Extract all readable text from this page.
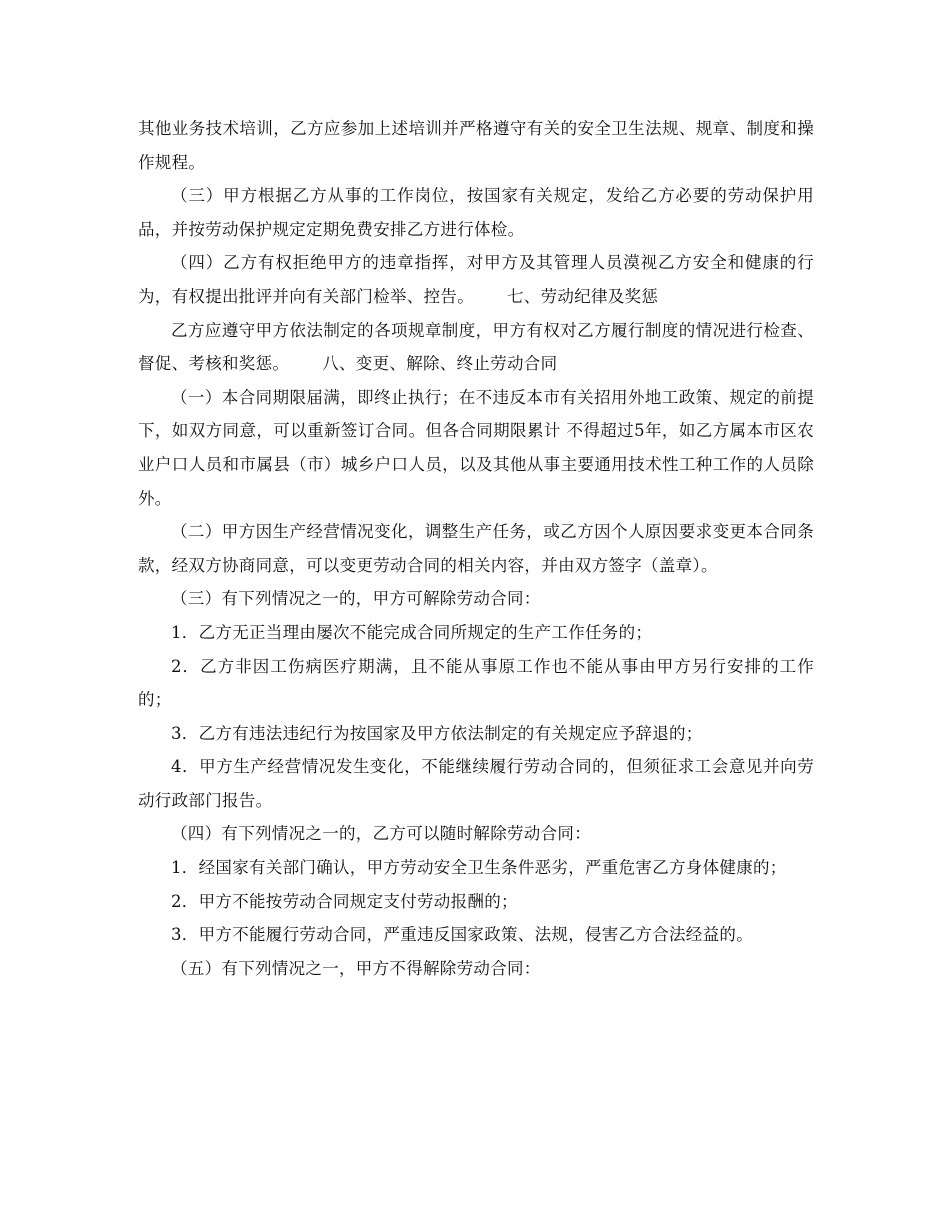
其他业务技术培训，乙方应参加上述培训并严格遵守有关的安全卫生法规、规章、制度和操作规程。

（三）甲方根据乙方从事的工作岗位，按国家有关规定，发给乙方必要的劳动保护用品，并按劳动保护规定定期免费安排乙方进行体检。

（四）乙方有权拒绝甲方的违章指挥，对甲方及其管理人员漠视乙方安全和健康的行为，有权提出批评并向有关部门检举、控告。 七、劳动纪律及奖惩

乙方应遵守甲方依法制定的各项规章制度，甲方有权对乙方履行制度的情况进行检查、督促、考核和奖惩。 八、变更、解除、终止劳动合同

（一）本合同期限届满，即终止执行；在不违反本市有关招用外地工政策、规定的前提下，如双方同意，可以重新签订合同。但各合同期限累计 不得超过5年，如乙方属本市区农业户口人员和市属县（市）城乡户口人员，以及其他从事主要通用技术性工种工作的人员除外。

（二）甲方因生产经营情况变化，调整生产任务，或乙方因个人原因要求变更本合同条款，经双方协商同意，可以变更劳动合同的相关内容，并由双方签字（盖章）。

（三）有下列情况之一的，甲方可解除劳动合同：

1．乙方无正当理由屡次不能完成合同所规定的生产工作任务的；

2．乙方非因工伤病医疗期满，且不能从事原工作也不能从事由甲方另行安排的工作的；

3．乙方有违法违纪行为按国家及甲方依法制定的有关规定应予辞退的；

4．甲方生产经营情况发生变化，不能继续履行劳动合同的，但须征求工会意见并向劳动行政部门报告。

（四）有下列情况之一的，乙方可以随时解除劳动合同：

1．经国家有关部门确认，甲方劳动安全卫生条件恶劣，严重危害乙方身体健康的；

2．甲方不能按劳动合同规定支付劳动报酬的；

3．甲方不能履行劳动合同，严重违反国家政策、法规，侵害乙方合法经益的。

（五）有下列情况之一，甲方不得解除劳动合同：
